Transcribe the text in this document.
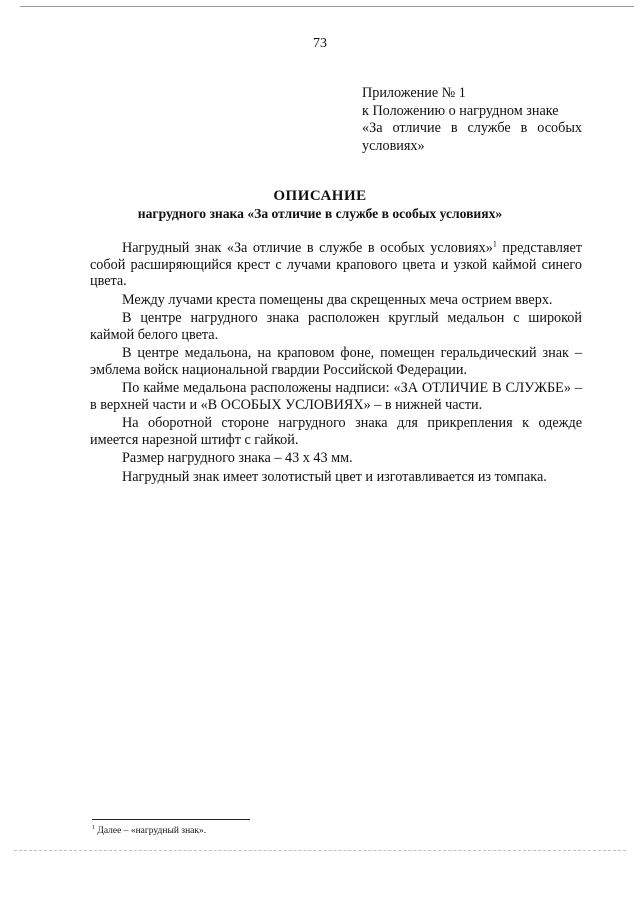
73
Приложение № 1
к Положению о нагрудном знаке
«За отличие в службе в особых
условиях»
ОПИСАНИЕ
нагрудного знака «За отличие в службе в особых условиях»

Нагрудный знак «За отличие в службе в особых условиях»$^1$ представляет собой расширяющийся крест с лучами крапового цвета и узкой каймой синего цвета.

Между лучами креста помещены два скрещенных меча острием вверх.

В центре нагрудного знака расположен круглый медальон с широкой каймой белого цвета.

В центре медальона, на краповом фоне, помещен геральдический знак – эмблема войск национальной гвардии Российской Федерации.

По кайме медальона расположены надписи: «ЗА ОТЛИЧИЕ В СЛУЖБЕ» – в верхней части и «В ОСОБЫХ УСЛОВИЯХ» – в нижней части.

На оборотной стороне нагрудного знака для прикрепления к одежде имеется нарезной штифт с гайкой.

Размер нагрудного знака – 43 х 43 мм.

Нагрудный знак имеет золотистый цвет и изготавливается из томпака.

$^1$ Далее – «нагрудный знак».
